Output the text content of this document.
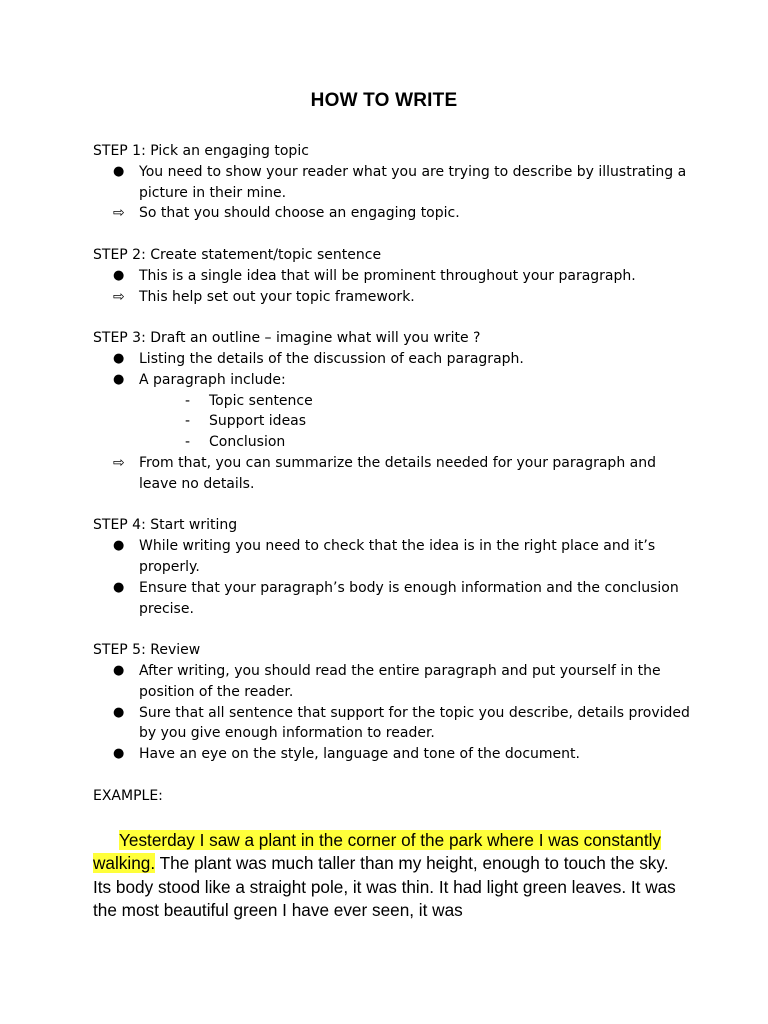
HOW TO WRITE
STEP 1: Pick an engaging topic
●	You need to show your reader what you are trying to describe by illustrating a picture in their mine.
⇨	So that you should choose an engaging topic.
STEP 2: Create statement/topic sentence
●	This is a single idea that will be prominent throughout your paragraph.
⇨	This help set out your topic framework.
STEP 3: Draft an outline – imagine what will you write ?
●	Listing the details of the discussion of each paragraph.
●	A paragraph include:
- Topic sentence
- Support ideas
- Conclusion
⇨	From that, you can summarize the details needed for your paragraph and leave no details.
STEP 4: Start writing
●	While writing you need to check that the idea is in the right place and it’s properly.
●	Ensure that your paragraph’s body is enough information and the conclusion precise.
STEP 5: Review
●	After writing, you should read the entire paragraph and put yourself in the position of the reader.
●	Sure that all sentence that support for the topic you describe, details provided by you give enough information to reader.
●	Have an eye on the style, language and tone of the document.
EXAMPLE:
Yesterday I saw a plant in the corner of the park where I was constantly walking. The plant was much taller than my height, enough to touch the sky. Its body stood like a straight pole, it was thin. It had light green leaves. It was the most beautiful green I have ever seen, it was
